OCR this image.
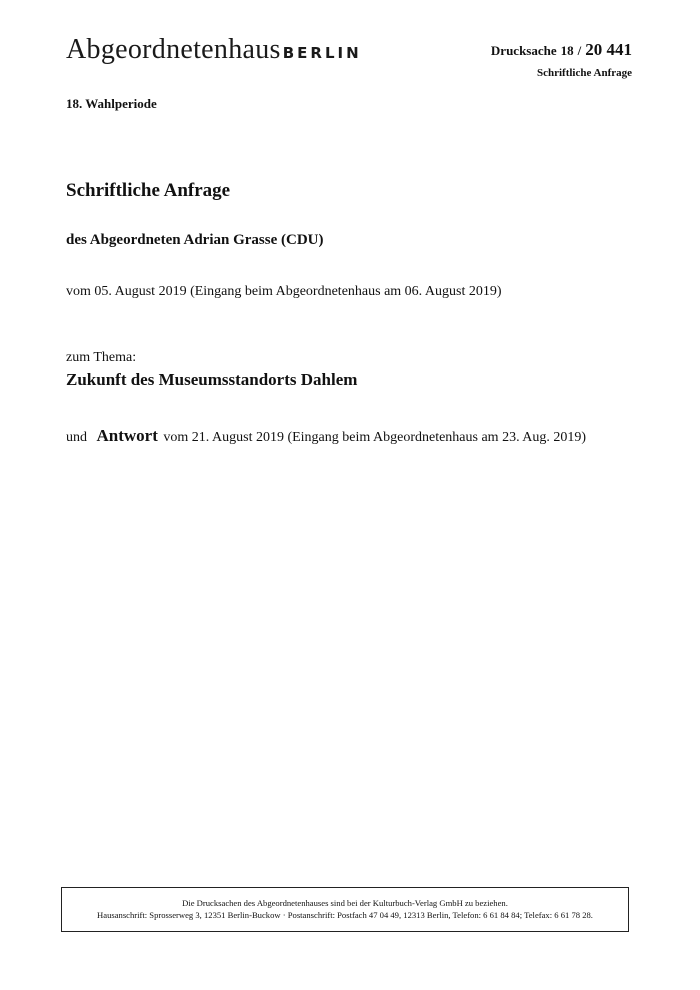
Abgeordnetenhaus BERLIN	Drucksache 18 / 20 441
Schriftliche Anfrage
18. Wahlperiode
Schriftliche Anfrage
des Abgeordneten Adrian Grasse (CDU)
vom 05. August 2019 (Eingang beim Abgeordnetenhaus am 06. August 2019)
zum Thema:
Zukunft des Museumsstandorts Dahlem
und Antwort vom 21. August 2019 (Eingang beim Abgeordnetenhaus am 23. Aug. 2019)
Die Drucksachen des Abgeordnetenhauses sind bei der Kulturbuch-Verlag GmbH zu beziehen.
Hausanschrift: Sprosserweg 3, 12351 Berlin-Buckow · Postanschrift: Postfach 47 04 49, 12313 Berlin, Telefon: 6 61 84 84; Telefax: 6 61 78 28.
